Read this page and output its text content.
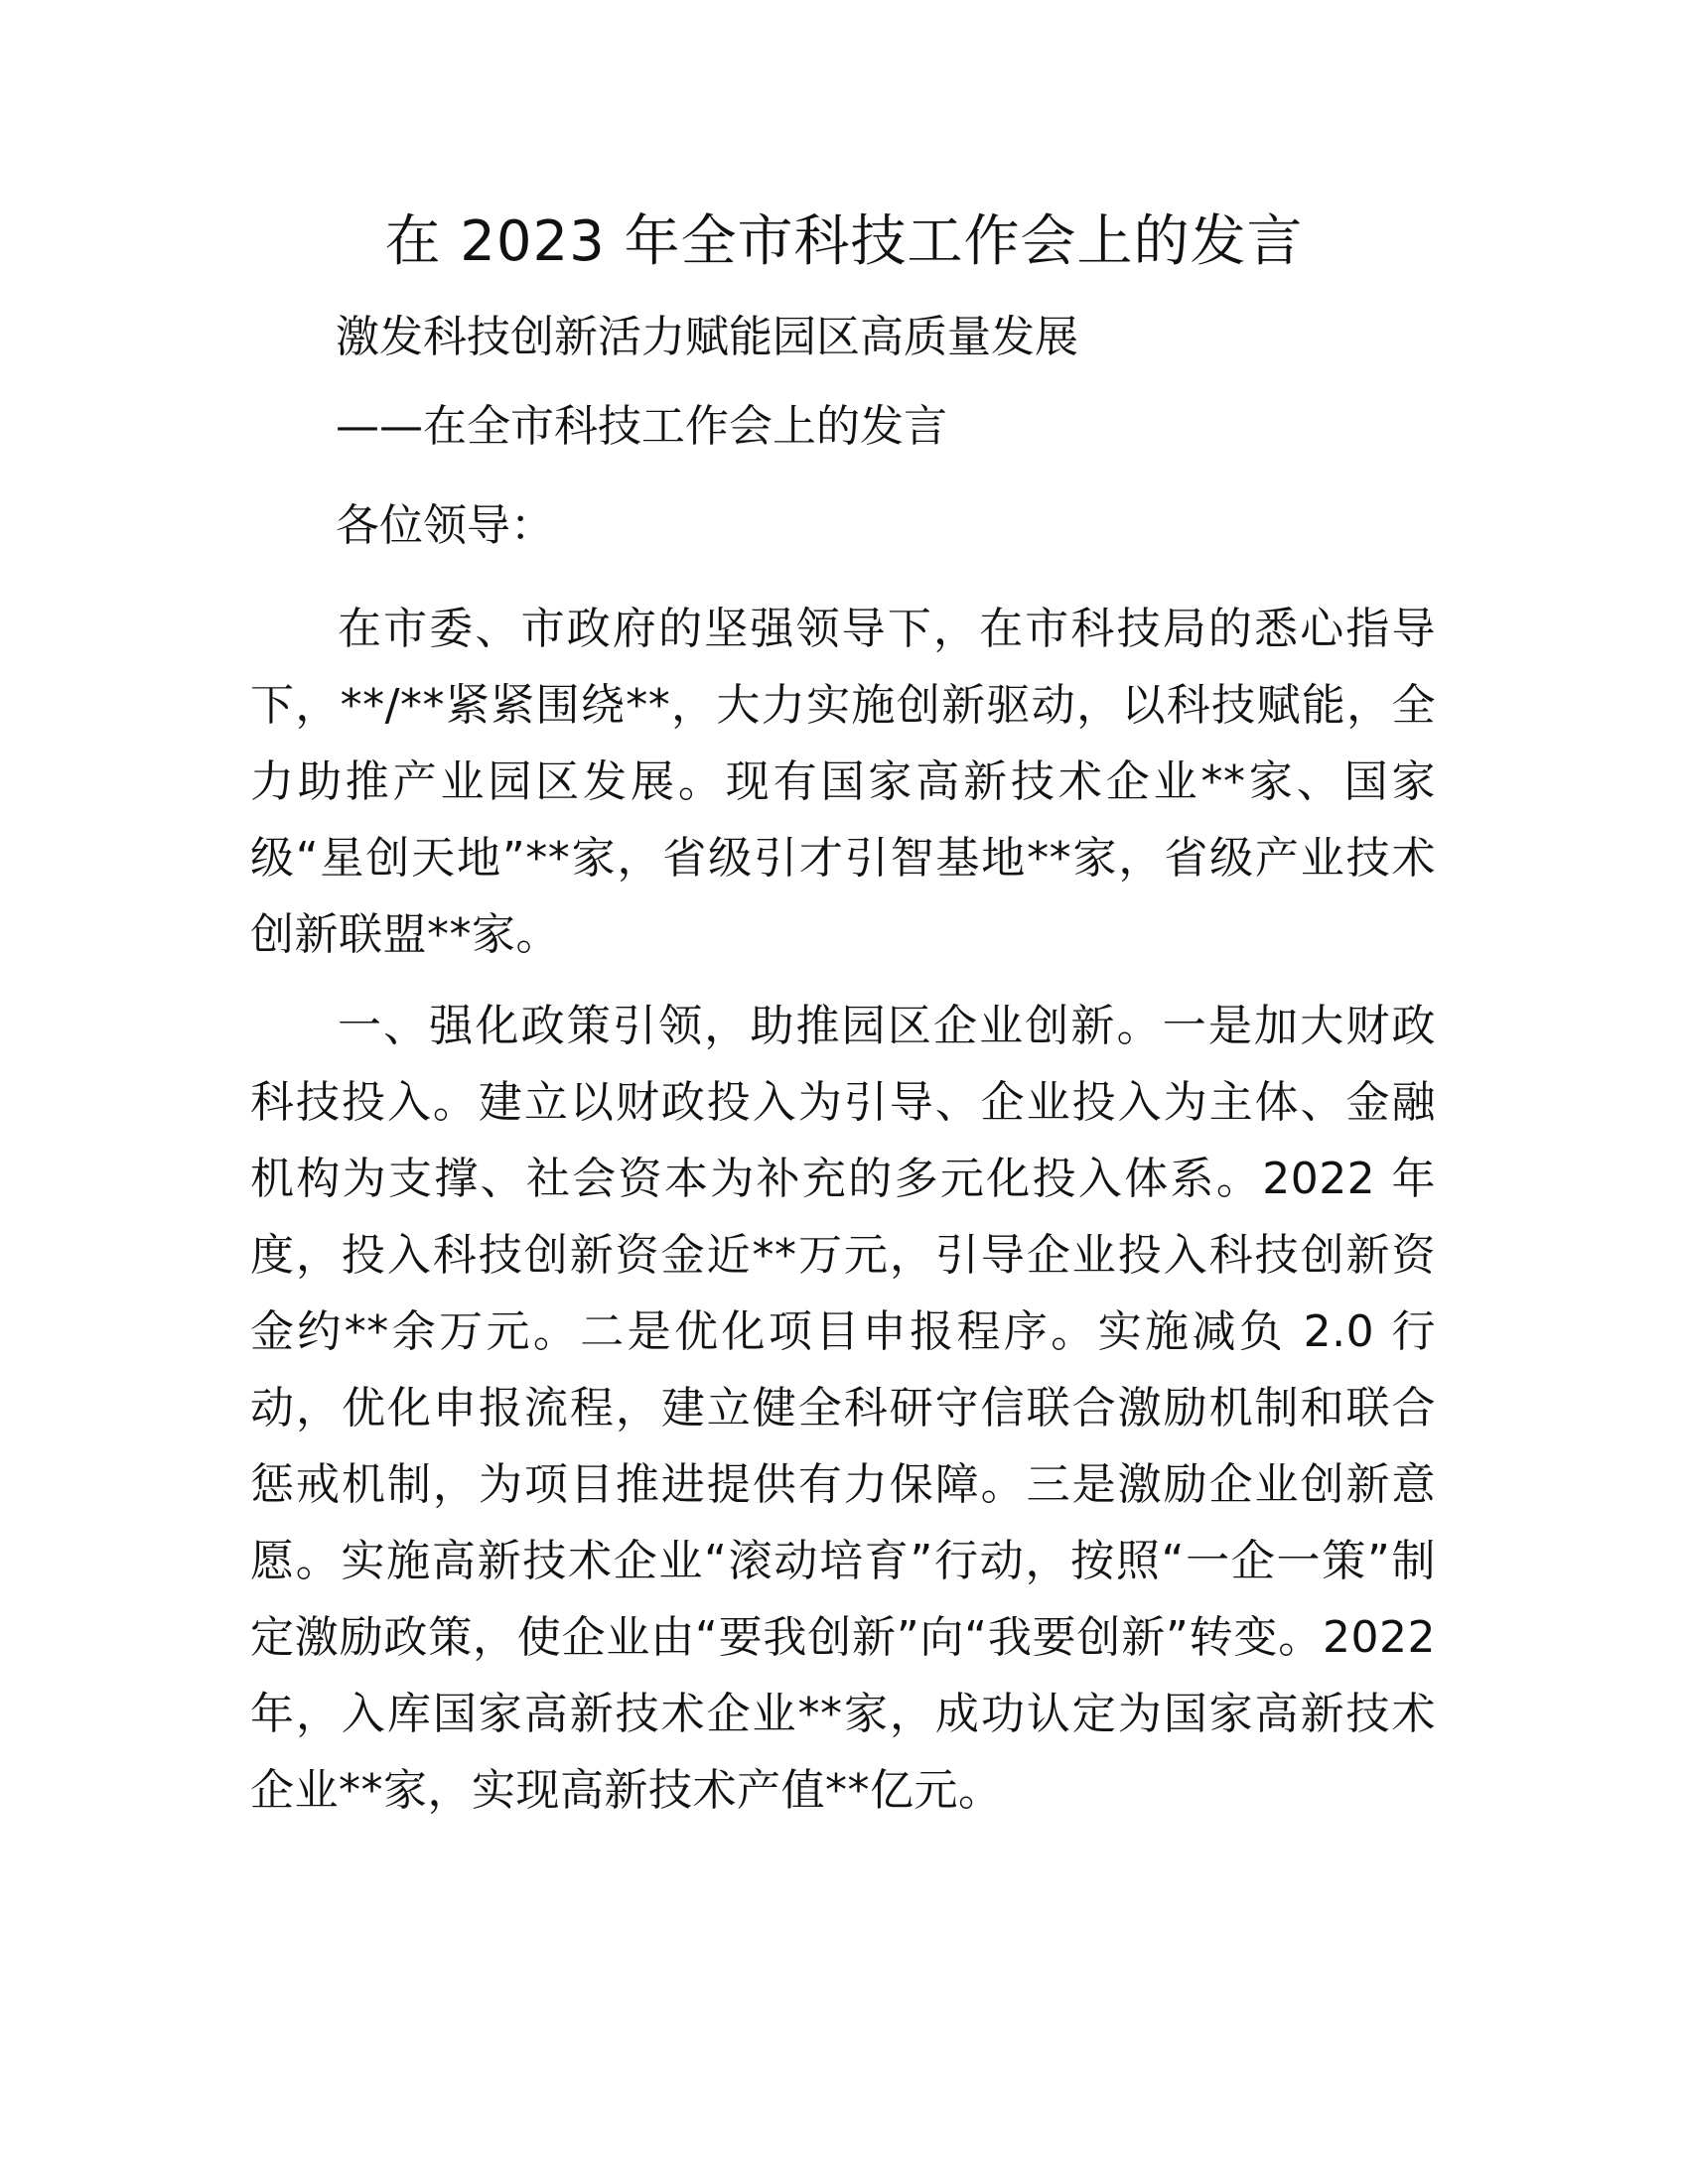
在 2023 年全市科技工作会上的发言
激发科技创新活力赋能园区高质量发展
——在全市科技工作会上的发言
各位领导：
在市委、市政府的坚强领导下，在市科技局的悉心指导下，**/**紧紧围绕**，大力实施创新驱动，以科技赋能，全力助推产业园区发展。现有国家高新技术企业**家、国家级“星创天地”**家，省级引才引智基地**家，省级产业技术创新联盟**家。
一、强化政策引领，助推园区企业创新。一是加大财政科技投入。建立以财政投入为引导、企业投入为主体、金融机构为支撑、社会资本为补充的多元化投入体系。2022 年度，投入科技创新资金近**万元，引导企业投入科技创新资金约**余万元。二是优化项目申报程序。实施减负 2.0 行动，优化申报流程，建立健全科研守信联合激励机制和联合惩戒机制，为项目推进提供有力保障。三是激励企业创新意愿。实施高新技术企业“滚动培育”行动，按照“一企一策”制定激励政策，使企业由“要我创新”向“我要创新”转变。2022 年，入库国家高新技术企业**家，成功认定为国家高新技术企业**家，实现高新技术产值**亿元。
